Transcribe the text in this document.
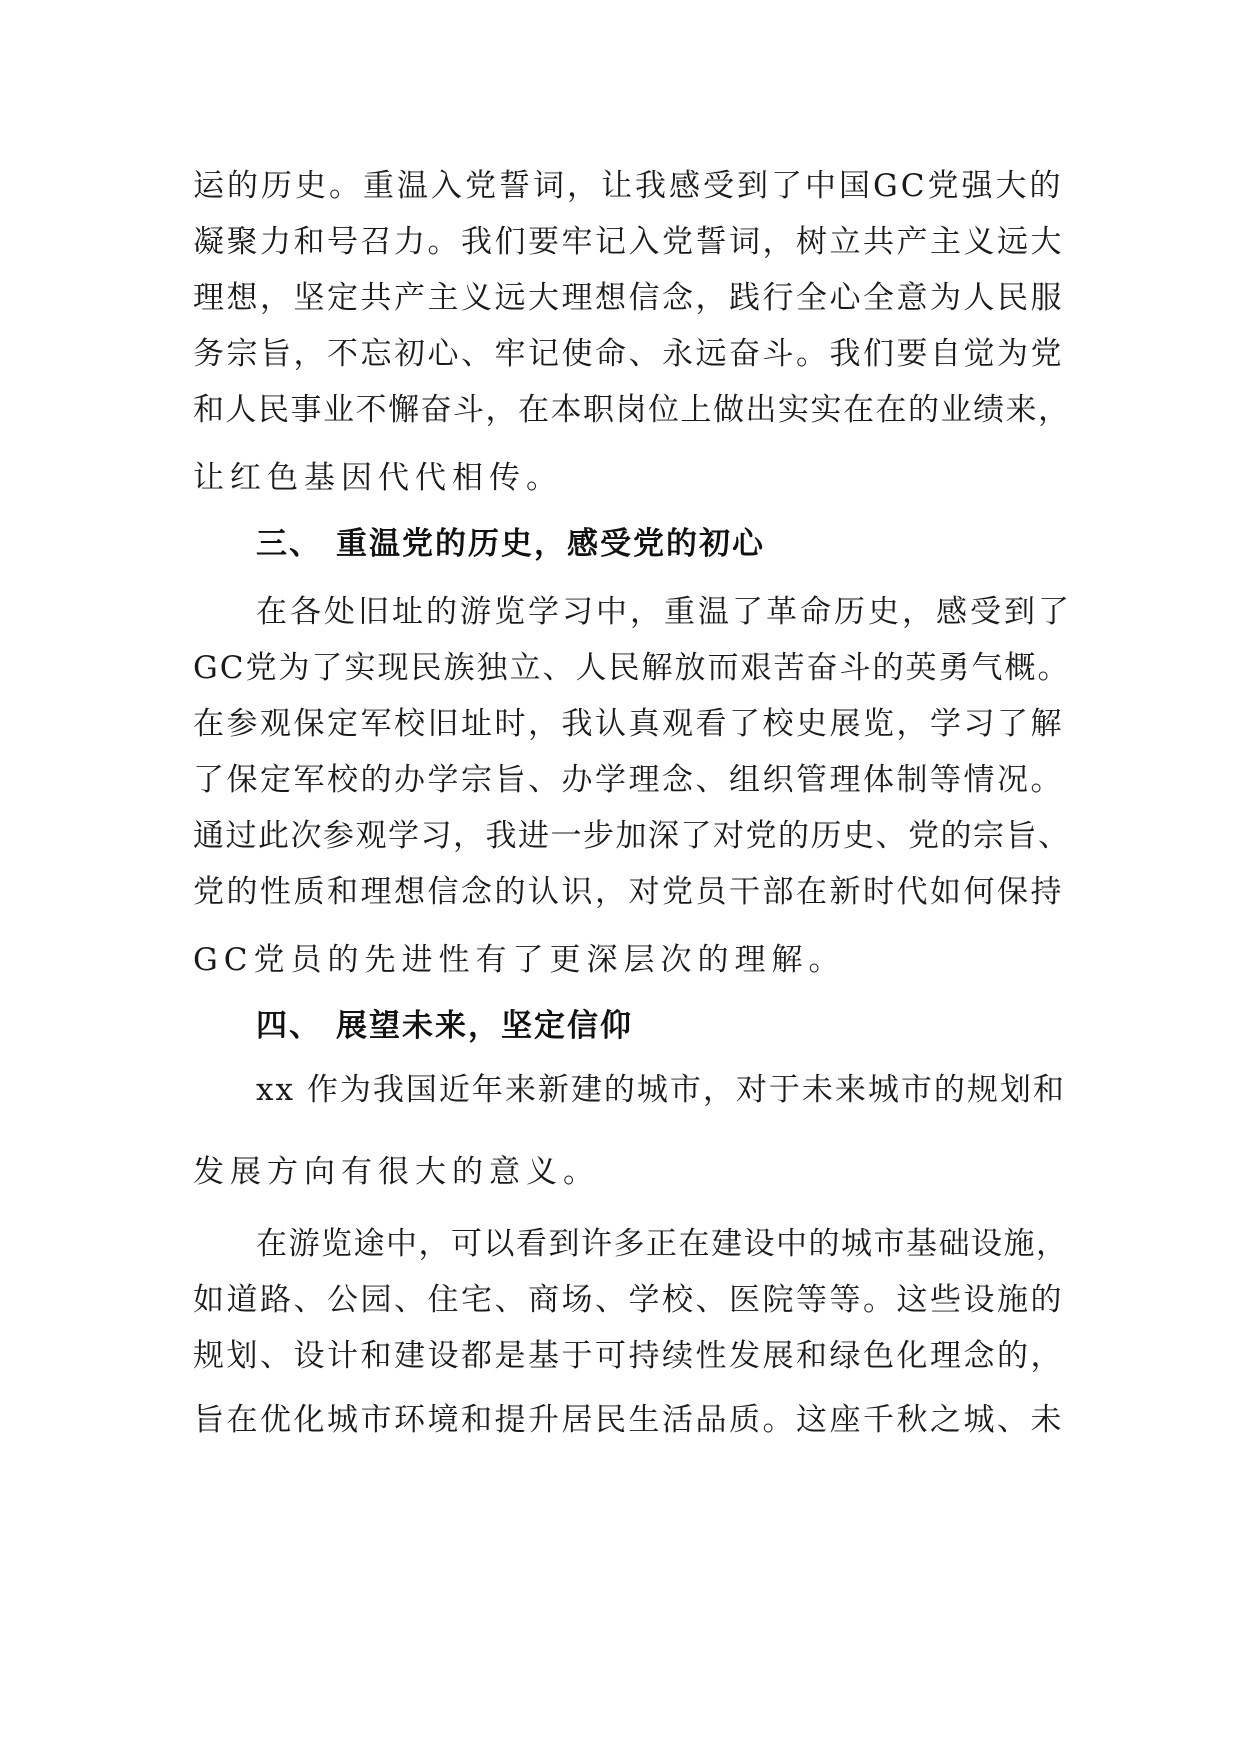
运的历史。重温入党誓词，让我感受到了中国GC党强大的
凝聚力和号召力。我们要牢记入党誓词，树立共产主义远大
理想，坚定共产主义远大理想信念，践行全心全意为人民服
务宗旨，不忘初心、牢记使命、永远奋斗。我们要自觉为党
和人民事业不懈奋斗，在本职岗位上做出实实在在的业绩来，
让红色基因代代相传。
三、 重温党的历史，感受党的初心
在各处旧址的游览学习中，重温了革命历史，感受到了
GC党为了实现民族独立、人民解放而艰苦奋斗的英勇气概。
在参观保定军校旧址时，我认真观看了校史展览，学习了解
了保定军校的办学宗旨、办学理念、组织管理体制等情况。
通过此次参观学习，我进一步加深了对党的历史、党的宗旨、
党的性质和理想信念的认识，对党员干部在新时代如何保持
GC党员的先进性有了更深层次的理解。
四、 展望未来，坚定信仰
xx 作为我国近年来新建的城市，对于未来城市的规划和
发展方向有很大的意义。
在游览途中，可以看到许多正在建设中的城市基础设施，
如道路、公园、住宅、商场、学校、医院等等。这些设施的
规划、设计和建设都是基于可持续性发展和绿色化理念的，
旨在优化城市环境和提升居民生活品质。这座千秋之城、未
